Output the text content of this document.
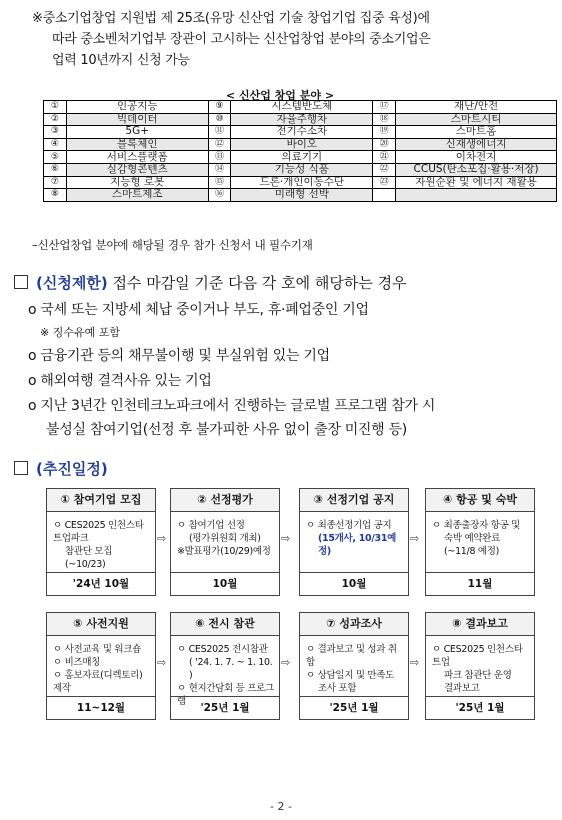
※중소기업창업 지원법 제 25조(유망 신산업 기술 창업기업 집중 육성)에
따라 중소벤처기업부 장관이 고시하는 신산업창업 분야의 중소기업은
업력 10년까지 신청 가능
< 신산업 창업 분야 >
①	인공지능	⑨	시스템반도체	⑰	재난/안전
②	빅데이터	⑩	자율주행차	⑱	스마트시티
③	5G+	⑪	전기수소차	⑲	스마트홈
④	블록체인	⑫	바이오	⑳	신재생에너지
⑤	서비스플랫폼	⑬	의료기기	㉑	이차전지
⑥	실감형콘텐츠	⑭	기능성 식품	㉒	CCUS(탄소포집·활용·저장)
⑦	지능형 로봇	⑮	드론·개인이동수단	㉓	자원순환 및 에너지 재활용
⑧	스마트제조	⑯	미래형 선박		
–신산업창업 분야에 해당될 경우 참가 신청서 내 필수기재
(신청제한) 접수 마감일 기준 다음 각 호에 해당하는 경우
o 국세 또는 지방세 체납 중이거나 부도, 휴·폐업중인 기업
※ 징수유예 포함
o 금융기관 등의 채무불이행 및 부실위험 있는 기업
o 해외여행 결격사유 있는 기업
o 지난 3년간 인천테크노파크에서 진행하는 글로벌 프로그램 참가 시
불성실 참여기업(선정 후 불가피한 사유 없이 출장 미진행 등)
(추진일정)
① 참여기업 모집
ㅇ CES2025 인천스타트업파크
참관단 모집(~10/23)
'24년 10월
⇨
② 선정평가
ㅇ 참여기업 선정
(평가위원회 개최)
※발표평가(10/29)예정
10월
⇨
③ 선정기업 공지
ㅇ 최종선정기업 공지
(15개사, 10/31예정)
10월
⇨
④ 항공 및 숙박
ㅇ 최종출장자 항공 및
숙박 예약완료
(~11/8 예정)
11월
⑤ 사전지원
ㅇ 사전교육 및 워크숍
ㅇ 비즈매칭
ㅇ 홍보자료(디렉토리) 제작
11~12월
⇨
⑥ 전시 참관
ㅇ CES2025 전시참관
( '24. 1. 7. ~ 1. 10. )
ㅇ 현지간담회 등 프로그램
'25년 1월
⇨
⑦ 성과조사
ㅇ 결과보고 및 성과 취합
ㅇ 상담일지 및 만족도
조사 포함
'25년 1월
⇨
⑧ 결과보고
ㅇ CES2025 인천스타트업
파크 참관단 운영
결과보고
'25년 1월
- 2 -
